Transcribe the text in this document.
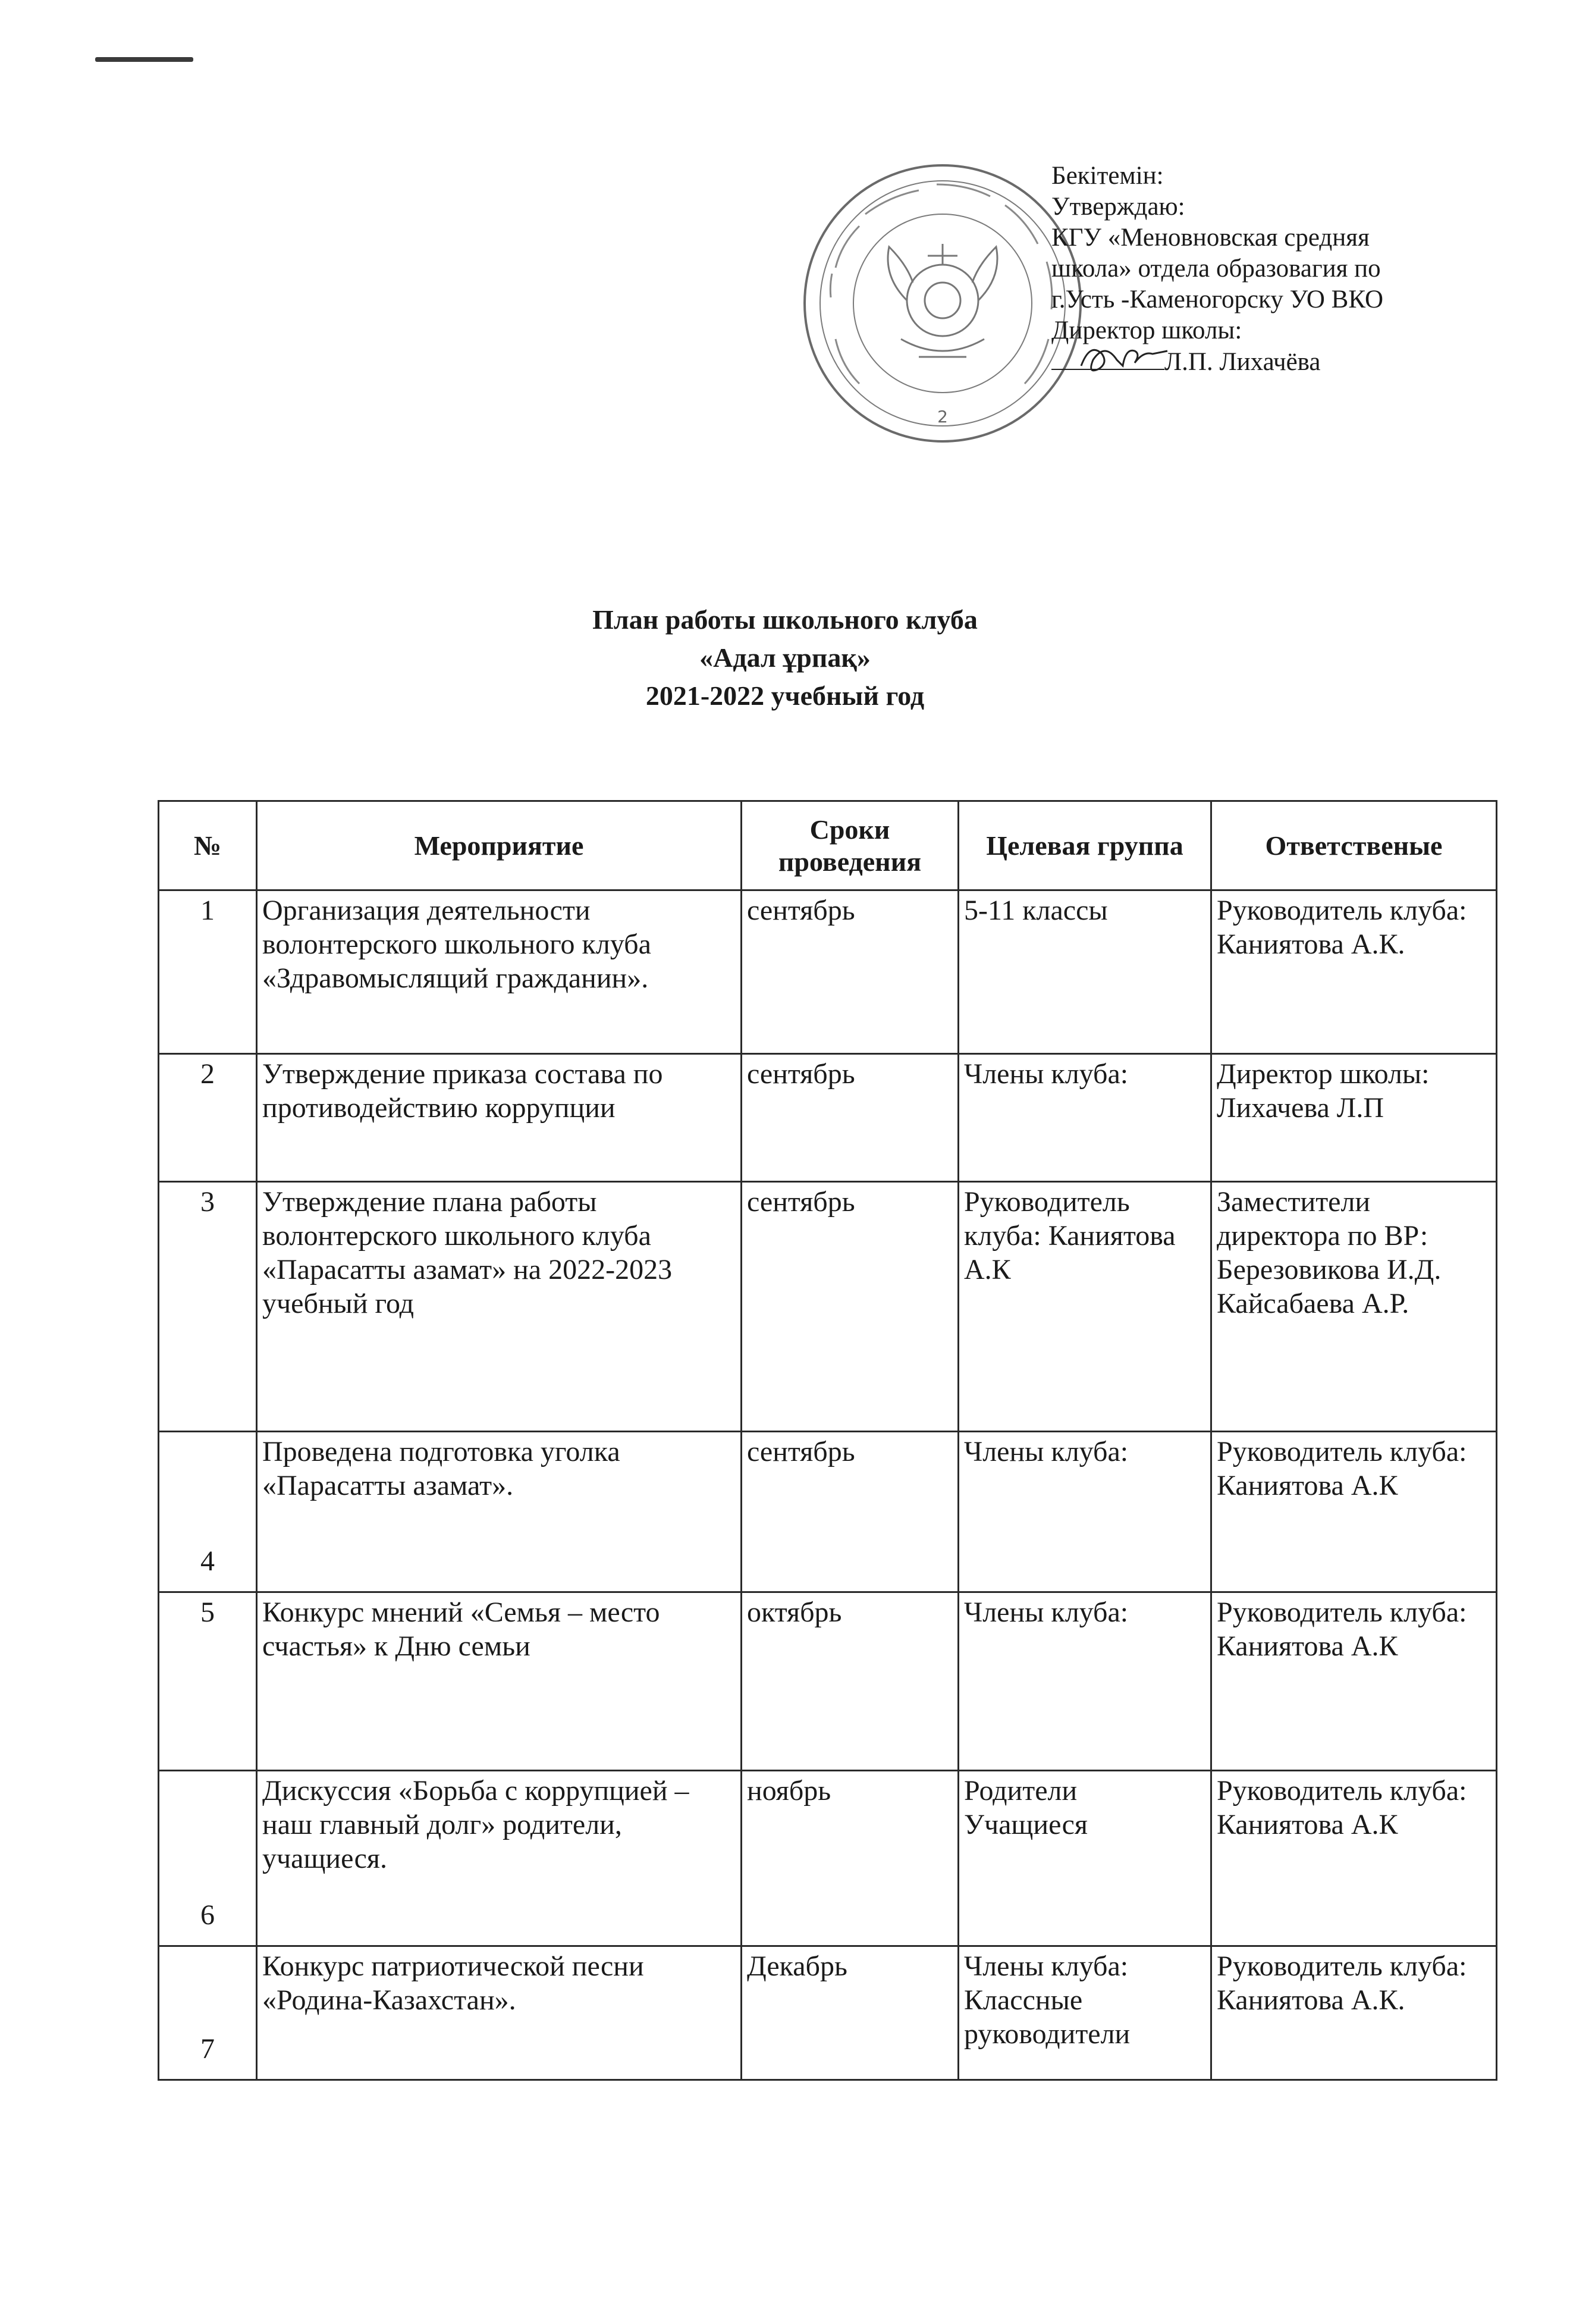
2
Бекітемін:
Утверждаю:
КГУ «Меновновская средняя
школа» отдела образовагия по
г.Усть -Каменогорску УО ВКО
Директор школы:
Л.П. Лихачёва
План работы школьного клуба
«Адал ұрпақ»
2021-2022 учебный год
№	Мероприятие	Сроки проведения	Целевая группа	Ответственые
1	Организация деятельности волонтерского школьного клуба «Здравомыслящий гражданин».	сентябрь	5-11 классы	Руководитель клуба: Каниятова А.К.
2	Утверждение приказа состава по противодействию коррупции	сентябрь	Члены клуба:	Директор школы: Лихачева Л.П
3	Утверждение плана работы волонтерского школьного клуба «Парасатты азамат» на 2022-2023 учебный год	сентябрь	Руководитель клуба: Каниятова А.К	Заместители директора по ВР: Березовикова И.Д. Кайсабаева А.Р.
4	Проведена подготовка уголка «Парасатты азамат».	сентябрь	Члены клуба:	Руководитель клуба: Каниятова А.К
5	Конкурс мнений «Семья – место счастья» к Дню семьи	октябрь	Члены клуба:	Руководитель клуба: Каниятова А.К
6	Дискуссия «Борьба с коррупцией – наш главный долг» родители, учащиеся.	ноябрь	Родители Учащиеся	Руководитель клуба: Каниятова А.К
7	Конкурс патриотической песни «Родина-Казахстан».	Декабрь	Члены клуба: Классные руководители	Руководитель клуба: Каниятова А.К.
